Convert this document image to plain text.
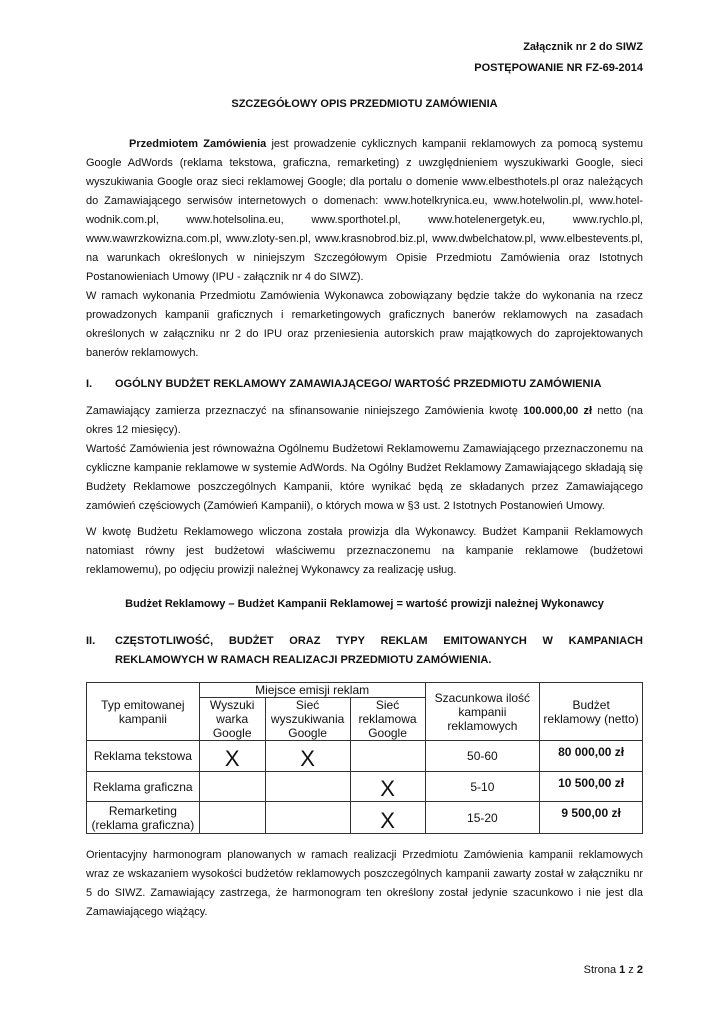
Załącznik nr 2 do SIWZ
POSTĘPOWANIE NR FZ-69-2014
SZCZEGÓŁOWY OPIS PRZEDMIOTU ZAMÓWIENIA
Przedmiotem Zamówienia jest prowadzenie cyklicznych kampanii reklamowych za pomocą systemu Google AdWords (reklama tekstowa, graficzna, remarketing) z uwzględnieniem wyszukiwarki Google, sieci wyszukiwania Google oraz sieci reklamowej Google; dla portalu o domenie www.elbesthotels.pl oraz należących do Zamawiającego serwisów internetowych o domenach: www.hotelkrynica.eu, www.hotelwolin.pl, www.hotel-wodnik.com.pl, www.hotelsolina.eu, www.sporthotel.pl, www.hotelenergetyk.eu, www.rychlo.pl, www.wawrzkowizna.com.pl, www.zloty-sen.pl, www.krasnobrod.biz.pl, www.dwbelchatow.pl, www.elbestevents.pl, na warunkach określonych w niniejszym Szczegółowym Opisie Przedmiotu Zamówienia oraz Istotnych Postanowieniach Umowy (IPU - załącznik nr 4 do SIWZ).
W ramach wykonania Przedmiotu Zamówienia Wykonawca zobowiązany będzie także do wykonania na rzecz prowadzonych kampanii graficznych i remarketingowych graficznych banerów reklamowych na zasadach określonych w załączniku nr 2 do IPU oraz przeniesienia autorskich praw majątkowych do zaprojektowanych banerów reklamowych.
I. OGÓLNY BUDŻET REKLAMOWY ZAMAWIAJĄCEGO/ WARTOŚĆ PRZEDMIOTU ZAMÓWIENIA
Zamawiający zamierza przeznaczyć na sfinansowanie niniejszego Zamówienia kwotę 100.000,00 zł netto (na okres 12 miesięcy).
Wartość Zamówienia jest równoważna Ogólnemu Budżetowi Reklamowemu Zamawiającego przeznaczonemu na cykliczne kampanie reklamowe w systemie AdWords. Na Ogólny Budżet Reklamowy Zamawiającego składają się Budżety Reklamowe poszczególnych Kampanii, które wynikać będą ze składanych przez Zamawiającego zamówień częściowych (Zamówień Kampanii), o których mowa w §3 ust. 2 Istotnych Postanowień Umowy.
W kwotę Budżetu Reklamowego wliczona została prowizja dla Wykonawcy. Budżet Kampanii Reklamowych natomiast równy jest budżetowi właściwemu przeznaczonemu na kampanie reklamowe (budżetowi reklamowemu), po odjęciu prowizji należnej Wykonawcy za realizację usług.
Budżet Reklamowy – Budżet Kampanii Reklamowej = wartość prowizji należnej Wykonawcy
II. CZĘSTOTLIWOŚĆ, BUDŻET ORAZ TYPY REKLAM EMITOWANYCH W KAMPANIACH
REKLAMOWYCH W RAMACH REALIZACJI PRZEDMIOTU ZAMÓWIENIA.
Typ emitowanej kampanii	Miejsce emisji reklam			Szacunkowa ilość kampanii reklamowych	Budżet reklamowy (netto)
	Wyszuki warka Google	Sieć wyszukiwania Google	Sieć reklamowa Google		
Reklama tekstowa	X	X		50-60	80 000,00 zł
Reklama graficzna			X	5-10	10 500,00 zł
Remarketing (reklama graficzna)			X	15-20	9 500,00 zł
Orientacyjny harmonogram planowanych w ramach realizacji Przedmiotu Zamówienia kampanii reklamowych wraz ze wskazaniem wysokości budżetów reklamowych poszczególnych kampanii zawarty został w załączniku nr 5 do SIWZ. Zamawiający zastrzega, że harmonogram ten określony został jedynie szacunkowo i nie jest dla Zamawiającego wiążący.
Strona 1 z 2
